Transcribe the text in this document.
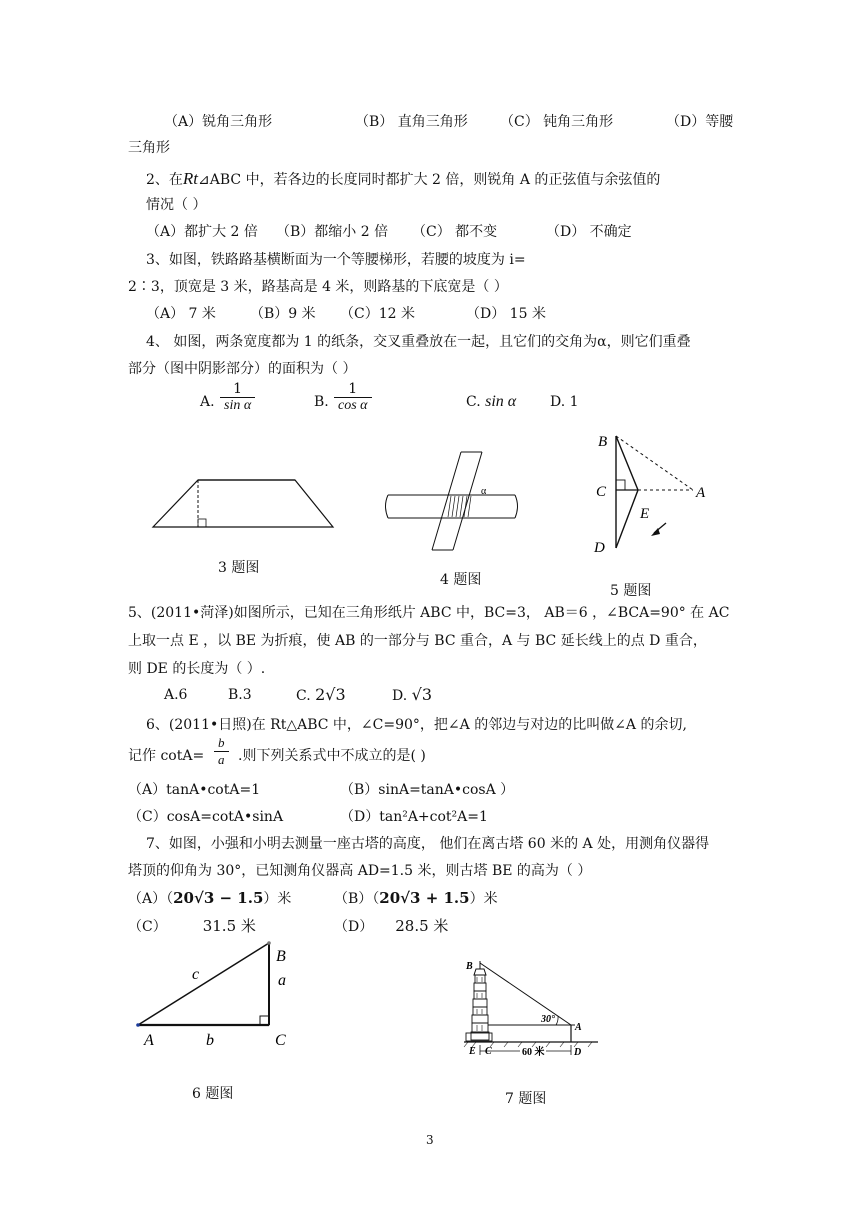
（A）锐角三角形	（B） 直角三角形 （C） 钝角三角形	（D）等腰
三角形
2、在Rt⊿ABC 中，若各边的长度同时都扩大 2 倍，则锐角 A 的正弦值与余弦值的
情况（ ）
（A）都扩大 2 倍 （B）都缩小 2 倍 （C） 都不变	（D） 不确定
3、如图，铁路路基横断面为一个等腰梯形，若腰的坡度为 i=
2∶3，顶宽是 3 米，路基高是 4 米，则路基的下底宽是（ ）
（A） 7 米 （B）9 米 （C）12 米	（D） 15 米
4、 如图，两条宽度都为 1 的纸条，交叉重叠放在一起，且它们的交角为α，则它们重叠
部分（图中阴影部分）的面积为（ ）
A.
1
sin α	B.
1
cos α	C. sin α D. 1
3 题图
α
4 题图
B
C	A
E
D
5 题图
5、(2011•菏泽)如图所示，已知在三角形纸片 ABC 中，BC=3， AB＝6 ，∠BCA=90° 在 AC
上取一点 E ，以 BE 为折痕，使 AB 的一部分与 BC 重合，A 与 BC 延长线上的点 D 重合，
则 DE 的长度为（ ）.
A.6	B.3	C. 2√3	D. √3
6、(2011•日照)在 Rt△ABC 中，∠C=90°，把∠A 的邻边与对边的比叫做∠A 的余切,
记作 cotA=
b
a .则下列关系式中不成立的是( )
（A）tanA•cotA=1	（B）sinA=tanA•cosA ）
（C）cosA=cotA•sinA	（D）tan²A+cot²A=1
7、如图，小强和小明去测量一座古塔的高度， 他们在离古塔 60 米的 A 处，用测角仪器得
塔顶的仰角为 30°，已知测角仪器高 AD=1.5 米，则古塔 BE 的高为（ ）
（A）（20√3 − 1.5）米	（B）（20√3 + 1.5）米
（C） 31.5 米	（D） 28.5 米
B
a
c
A	b	C
6 题图
B
30°
A
E C	60 米	D
7 题图
3
